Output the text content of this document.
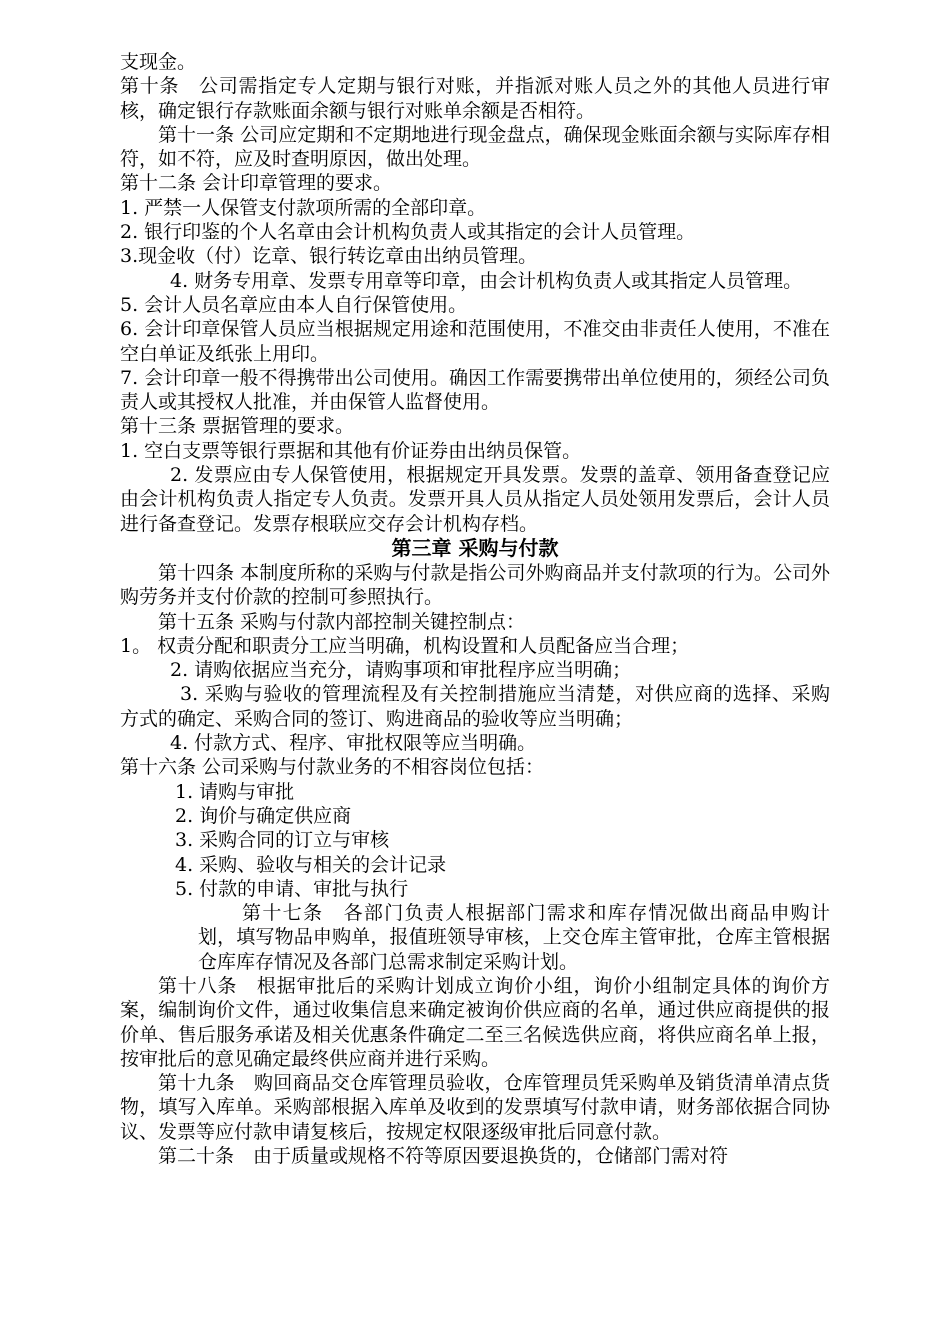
支现金。

第十条　公司需指定专人定期与银行对账，并指派对账人员之外的其他人员进行审核，确定银行存款账面余额与银行对账单余额是否相符。

第十一条 公司应定期和不定期地进行现金盘点，确保现金账面余额与实际库存相符，如不符，应及时查明原因，做出处理。

第十二条 会计印章管理的要求。

1. 严禁一人保管支付款项所需的全部印章。

2. 银行印鉴的个人名章由会计机构负责人或其指定的会计人员管理。

3.现金收（付）讫章、银行转讫章由出纳员管理。

4. 财务专用章、发票专用章等印章，由会计机构负责人或其指定人员管理。

5. 会计人员名章应由本人自行保管使用。

6. 会计印章保管人员应当根据规定用途和范围使用，不准交由非责任人使用，不准在空白单证及纸张上用印。

7. 会计印章一般不得携带出公司使用。确因工作需要携带出单位使用的，须经公司负责人或其授权人批准，并由保管人监督使用。

第十三条 票据管理的要求。

1. 空白支票等银行票据和其他有价证券由出纳员保管。

2. 发票应由专人保管使用，根据规定开具发票。发票的盖章、领用备查登记应由会计机构负责人指定专人负责。发票开具人员从指定人员处领用发票后，会计人员进行备查登记。发票存根联应交存会计机构存档。

第三章 采购与付款

第十四条 本制度所称的采购与付款是指公司外购商品并支付款项的行为。公司外购劳务并支付价款的控制可参照执行。

第十五条 采购与付款内部控制关键控制点：

1。 权责分配和职责分工应当明确，机构设置和人员配备应当合理；

2. 请购依据应当充分，请购事项和审批程序应当明确；

3. 采购与验收的管理流程及有关控制措施应当清楚，对供应商的选择、采购方式的确定、采购合同的签订、购进商品的验收等应当明确；

4. 付款方式、程序、审批权限等应当明确。

第十六条 公司采购与付款业务的不相容岗位包括：

1. 请购与审批

2. 询价与确定供应商

3. 采购合同的订立与审核

4. 采购、验收与相关的会计记录

5. 付款的申请、审批与执行

第十七条　各部门负责人根据部门需求和库存情况做出商品申购计划，填写物品申购单，报值班领导审核，上交仓库主管审批，仓库主管根据仓库库存情况及各部门总需求制定采购计划。

第十八条　根据审批后的采购计划成立询价小组，询价小组制定具体的询价方案，编制询价文件，通过收集信息来确定被询价供应商的名单，通过供应商提供的报价单、售后服务承诺及相关优惠条件确定二至三名候选供应商，将供应商名单上报，按审批后的意见确定最终供应商并进行采购。

第十九条　购回商品交仓库管理员验收，仓库管理员凭采购单及销货清单清点货物，填写入库单。采购部根据入库单及收到的发票填写付款申请，财务部依据合同协议、发票等应付款申请复核后，按规定权限逐级审批后同意付款。

第二十条　由于质量或规格不符等原因要退换货的，仓储部门需对符
